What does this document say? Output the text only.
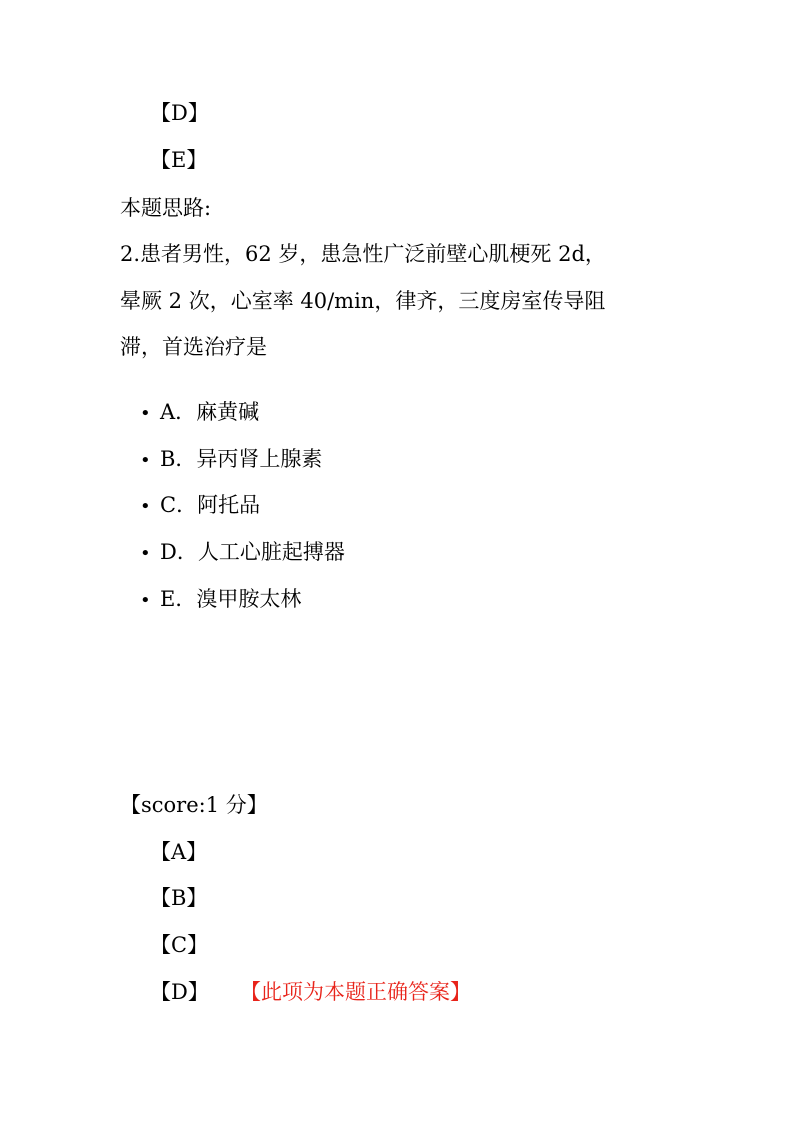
【D】
【E】
本题思路:
2.患者男性，62 岁，患急性广泛前壁心肌梗死 2d，
晕厥 2 次，心室率 40/min，律齐，三度房室传导阻
滞，首选治疗是
• A．麻黄碱
• B．异丙肾上腺素
• C．阿托品
• D．人工心脏起搏器
• E．溴甲胺太林
【score:1 分】
【A】
【B】
【C】
【D】 【此项为本题正确答案】
